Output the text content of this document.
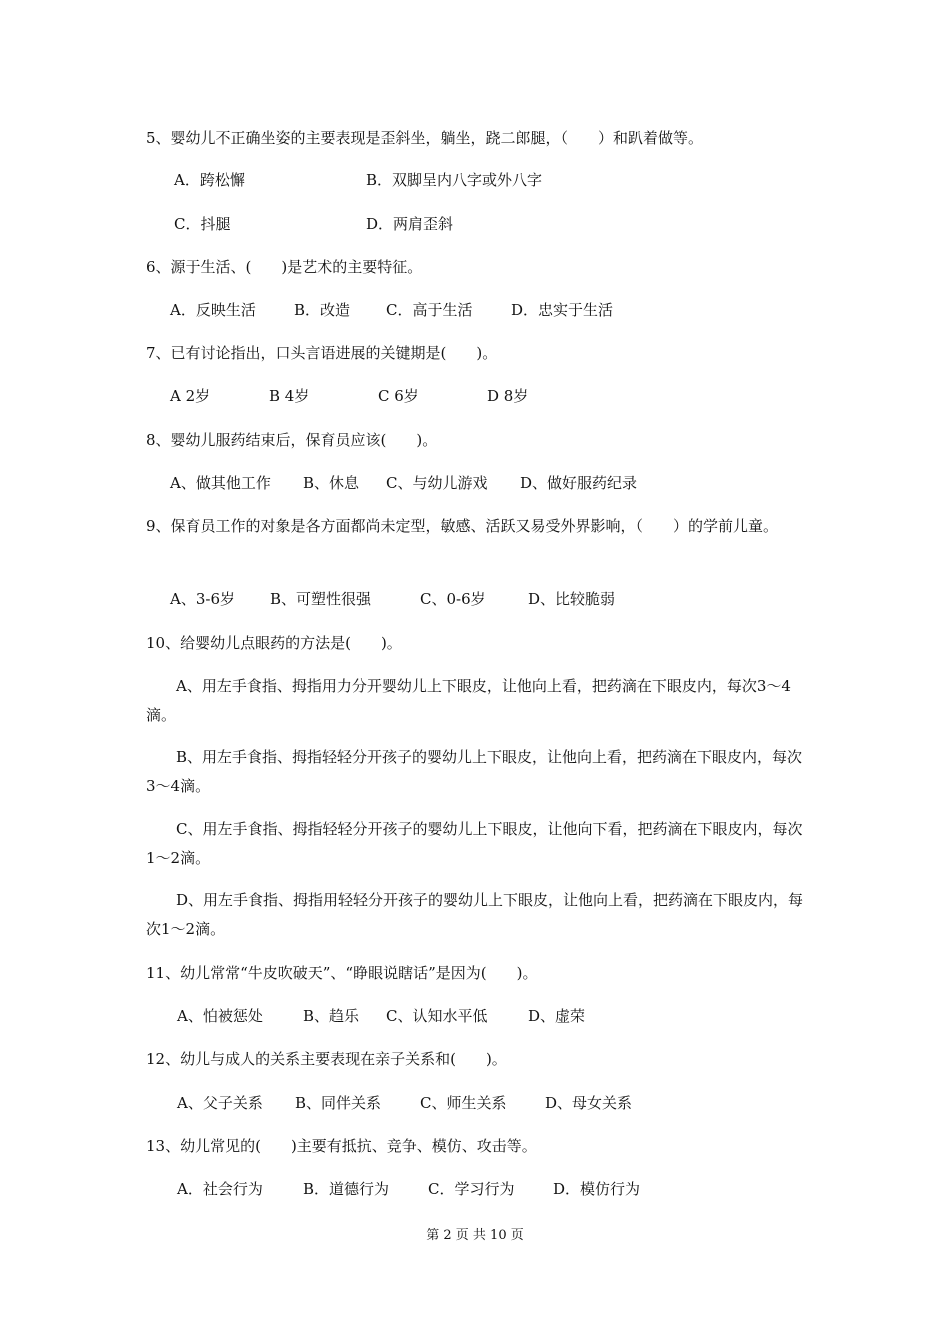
5、婴幼儿不正确坐姿的主要表现是歪斜坐，躺坐，跷二郎腿，（　　）和趴着做等。
A．跨松懈	B．双脚呈内八字或外八字
C．抖腿	D．两肩歪斜
6、源于生活、(　　)是艺术的主要特征。
A．反映生活	B．改造 C．高于生活	D．忠实于生活
7、已有讨论指出，口头言语进展的关键期是(　　)。
A 2岁	B 4岁	C 6岁	D 8岁
8、婴幼儿服药结束后，保育员应该(　　)。
A、做其他工作 B、休息 C、与幼儿游戏 D、做好服药纪录
9、保育员工作的对象是各方面都尚未定型，敏感、活跃又易受外界影响，（　　）的学前儿童。
A、3-6岁 B、可塑性很强	C、0-6岁	D、比较脆弱
10、给婴幼儿点眼药的方法是(　　)。
A、用左手食指、拇指用力分开婴幼儿上下眼皮，让他向上看，把药滴在下眼皮内，每次3～4滴。
B、用左手食指、拇指轻轻分开孩子的婴幼儿上下眼皮，让他向上看，把药滴在下眼皮内，每次3～4滴。
C、用左手食指、拇指轻轻分开孩子的婴幼儿上下眼皮，让他向下看，把药滴在下眼皮内，每次1～2滴。
D、用左手食指、拇指用轻轻分开孩子的婴幼儿上下眼皮，让他向上看，把药滴在下眼皮内，每次1～2滴。
11、幼儿常常“牛皮吹破天”、“睁眼说瞎话”是因为(　　)。
A、怕被惩处	B、趋乐 C、认知水平低	D、虚荣
12、幼儿与成人的关系主要表现在亲子关系和(　　)。
A、父子关系 B、同伴关系	C、师生关系	D、母女关系
13、幼儿常见的(　　)主要有抵抗、竞争、模仿、攻击等。
A．社会行为	B．道德行为	C．学习行为	D．模仿行为
第 2 页 共 10 页
